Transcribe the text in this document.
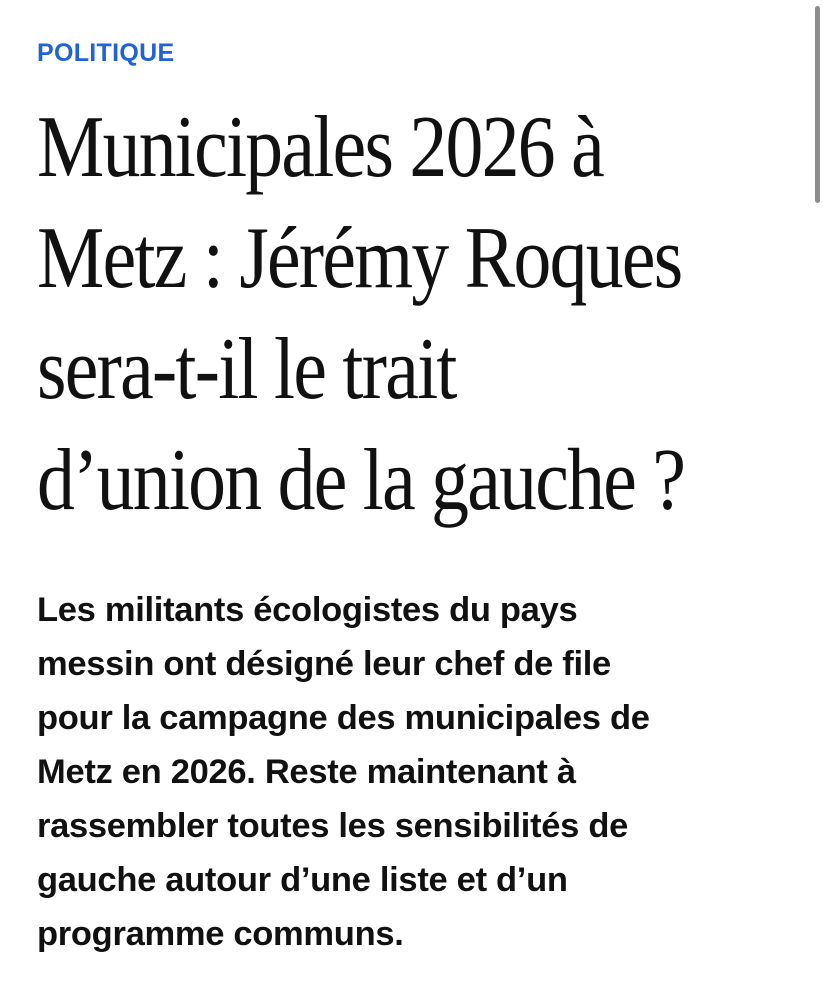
POLITIQUE
Municipales 2026 à
Metz : Jérémy Roques
sera-t-il le trait
d’union de la gauche ?

Les militants écologistes du pays
messin ont désigné leur chef de file
pour la campagne des municipales de
Metz en 2026. Reste maintenant à
rassembler toutes les sensibilités de
gauche autour d’une liste et d’un
programme communs.
